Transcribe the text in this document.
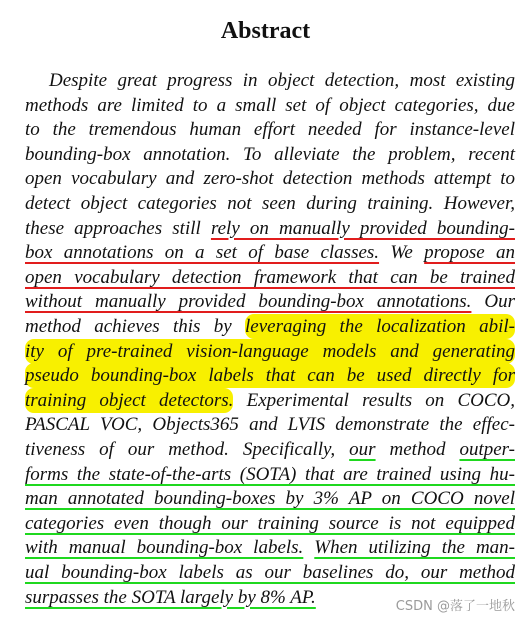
Abstract
Despite great progress in object detection, most existing
methods are limited to a small set of object categories, due
to the tremendous human effort needed for instance-level
bounding-box annotation. To alleviate the problem, recent
open vocabulary and zero-shot detection methods attempt to
detect object categories not seen during training. However,
these approaches still rely on manually provided bounding-
box annotations on a set of base classes. We propose an
open vocabulary detection framework that can be trained
without manually provided bounding-box annotations. Our
method achieves this by leveraging the localization abil-
ity of pre-trained vision-language models and generating
pseudo bounding-box labels that can be used directly for
training object detectors. Experimental results on COCO,
PASCAL VOC, Objects365 and LVIS demonstrate the effec-
tiveness of our method. Specifically, our method outper-
forms the state-of-the-arts (SOTA) that are trained using hu-
man annotated bounding-boxes by 3% AP on COCO novel
categories even though our training source is not equipped
with manual bounding-box labels. When utilizing the man-
ual bounding-box labels as our baselines do, our method
surpasses the SOTA largely by 8% AP.	CSDN @落了一地秋
